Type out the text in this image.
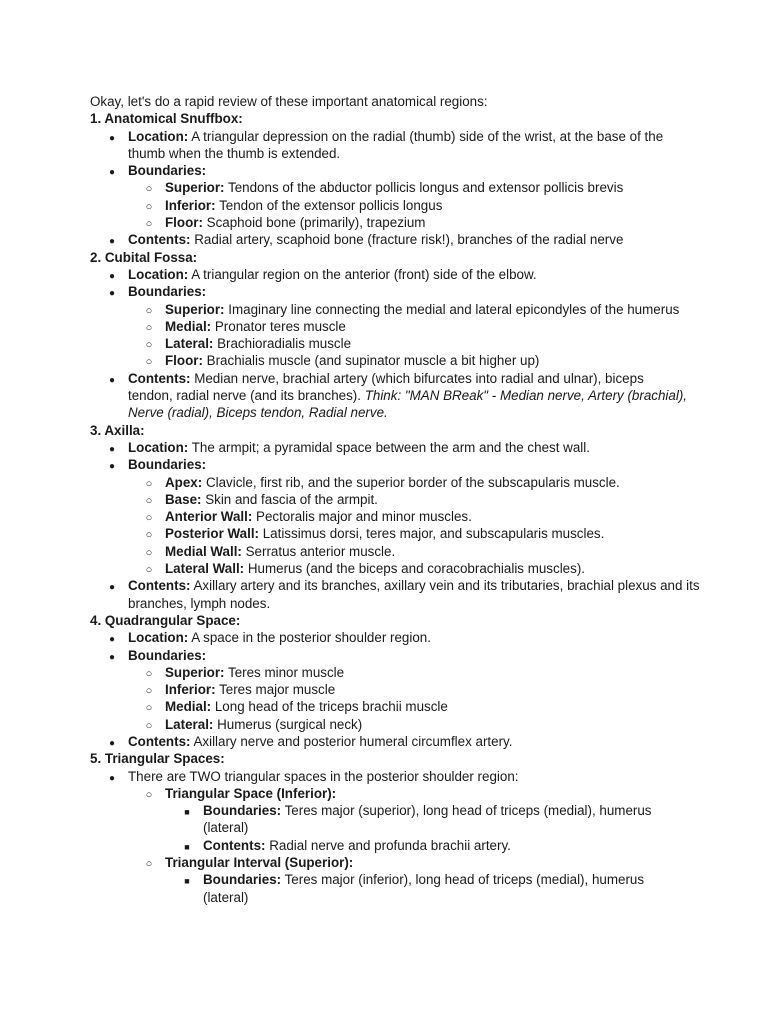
Okay, let's do a rapid review of these important anatomical regions:
1. Anatomical Snuffbox:
●
Location: A triangular depression on the radial (thumb) side of the wrist, at the base of the thumb when the thumb is extended.
●
Boundaries:
○
Superior: Tendons of the abductor pollicis longus and extensor pollicis brevis
○
Inferior: Tendon of the extensor pollicis longus
○
Floor: Scaphoid bone (primarily), trapezium
●
Contents: Radial artery, scaphoid bone (fracture risk!), branches of the radial nerve
2. Cubital Fossa:
●
Location: A triangular region on the anterior (front) side of the elbow.
●
Boundaries:
○
Superior: Imaginary line connecting the medial and lateral epicondyles of the humerus
○
Medial: Pronator teres muscle
○
Lateral: Brachioradialis muscle
○
Floor: Brachialis muscle (and supinator muscle a bit higher up)
●
Contents: Median nerve, brachial artery (which bifurcates into radial and ulnar), biceps tendon, radial nerve (and its branches). Think: "MAN BReak" - Median nerve, Artery (brachial), Nerve (radial), Biceps tendon, Radial nerve.
3. Axilla:
●
Location: The armpit; a pyramidal space between the arm and the chest wall.
●
Boundaries:
○
Apex: Clavicle, first rib, and the superior border of the subscapularis muscle.
○
Base: Skin and fascia of the armpit.
○
Anterior Wall: Pectoralis major and minor muscles.
○
Posterior Wall: Latissimus dorsi, teres major, and subscapularis muscles.
○
Medial Wall: Serratus anterior muscle.
○
Lateral Wall: Humerus (and the biceps and coracobrachialis muscles).
●
Contents: Axillary artery and its branches, axillary vein and its tributaries, brachial plexus and its branches, lymph nodes.
4. Quadrangular Space:
●
Location: A space in the posterior shoulder region.
●
Boundaries:
○
Superior: Teres minor muscle
○
Inferior: Teres major muscle
○
Medial: Long head of the triceps brachii muscle
○
Lateral: Humerus (surgical neck)
●
Contents: Axillary nerve and posterior humeral circumflex artery.
5. Triangular Spaces:
●
There are TWO triangular spaces in the posterior shoulder region:
○
Triangular Space (Inferior):
■
Boundaries: Teres major (superior), long head of triceps (medial), humerus (lateral)
■
Contents: Radial nerve and profunda brachii artery.
○
Triangular Interval (Superior):
■
Boundaries: Teres major (inferior), long head of triceps (medial), humerus (lateral)
